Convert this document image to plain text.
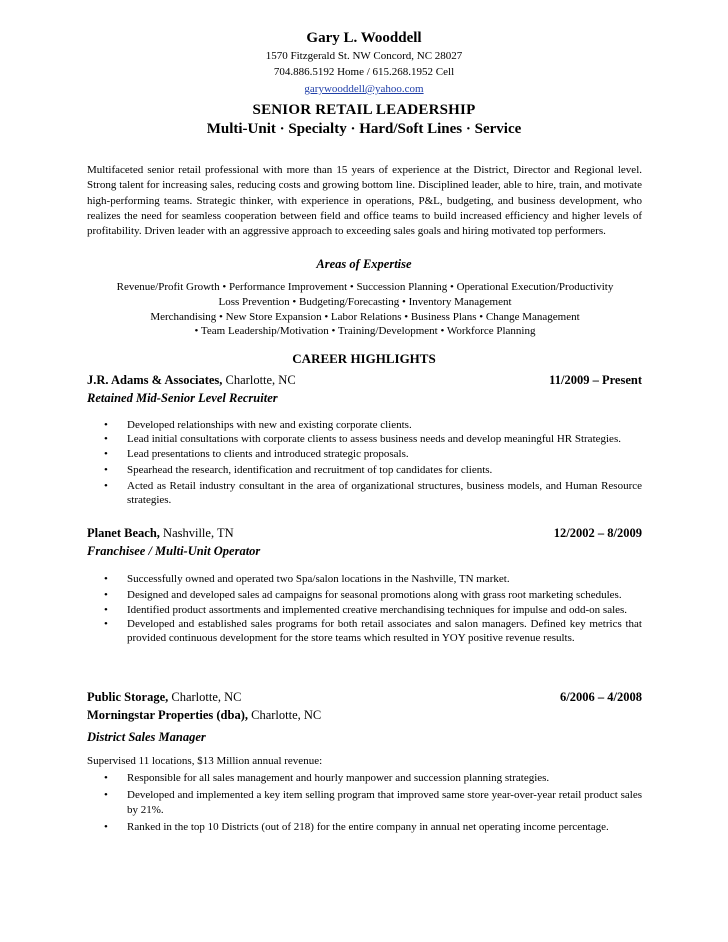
Gary L. Wooddell
1570 Fitzgerald St. NW Concord, NC 28027
704.886.5192 Home / 615.268.1952 Cell
garywooddell@yahoo.com
SENIOR RETAIL LEADERSHIP
Multi-Unit · Specialty · Hard/Soft Lines · Service
Multifaceted senior retail professional with more than 15 years of experience at the District, Director and Regional level. Strong talent for increasing sales, reducing costs and growing bottom line. Disciplined leader, able to hire, train, and motivate high-performing teams. Strategic thinker, with experience in operations, P&L, budgeting, and business development, who realizes the need for seamless cooperation between field and office teams to build increased efficiency and higher levels of profitability. Driven leader with an aggressive approach to exceeding sales goals and hiring motivated top performers.
Areas of Expertise
Revenue/Profit Growth • Performance Improvement • Succession Planning • Operational Execution/Productivity
Loss Prevention • Budgeting/Forecasting • Inventory Management
Merchandising • New Store Expansion • Labor Relations • Business Plans • Change Management
• Team Leadership/Motivation • Training/Development • Workforce Planning
CAREER HIGHLIGHTS
J.R. Adams & Associates, Charlotte, NC	11/2009 – Present
Retained Mid-Senior Level Recruiter
• Developed relationships with new and existing corporate clients.
• Lead initial consultations with corporate clients to assess business needs and develop meaningful HR Strategies.
• Lead presentations to clients and introduced strategic proposals.
• Spearhead the research, identification and recruitment of top candidates for clients.
• Acted as Retail industry consultant in the area of organizational structures, business models, and Human Resource strategies.
Planet Beach, Nashville, TN	12/2002 – 8/2009
Franchisee / Multi-Unit Operator
• Successfully owned and operated two Spa/salon locations in the Nashville, TN market.
• Designed and developed sales ad campaigns for seasonal promotions along with grass root marketing schedules.
• Identified product assortments and implemented creative merchandising techniques for impulse and odd-on sales.
• Developed and established sales programs for both retail associates and salon managers. Defined key metrics that provided continuous development for the store teams which resulted in YOY positive revenue results.
Public Storage, Charlotte, NC	6/2006 – 4/2008
Morningstar Properties (dba), Charlotte, NC
District Sales Manager
Supervised 11 locations, $13 Million annual revenue:
• Responsible for all sales management and hourly manpower and succession planning strategies.
• Developed and implemented a key item selling program that improved same store year-over-year retail product sales by 21%.
• Ranked in the top 10 Districts (out of 218) for the entire company in annual net operating income percentage.
